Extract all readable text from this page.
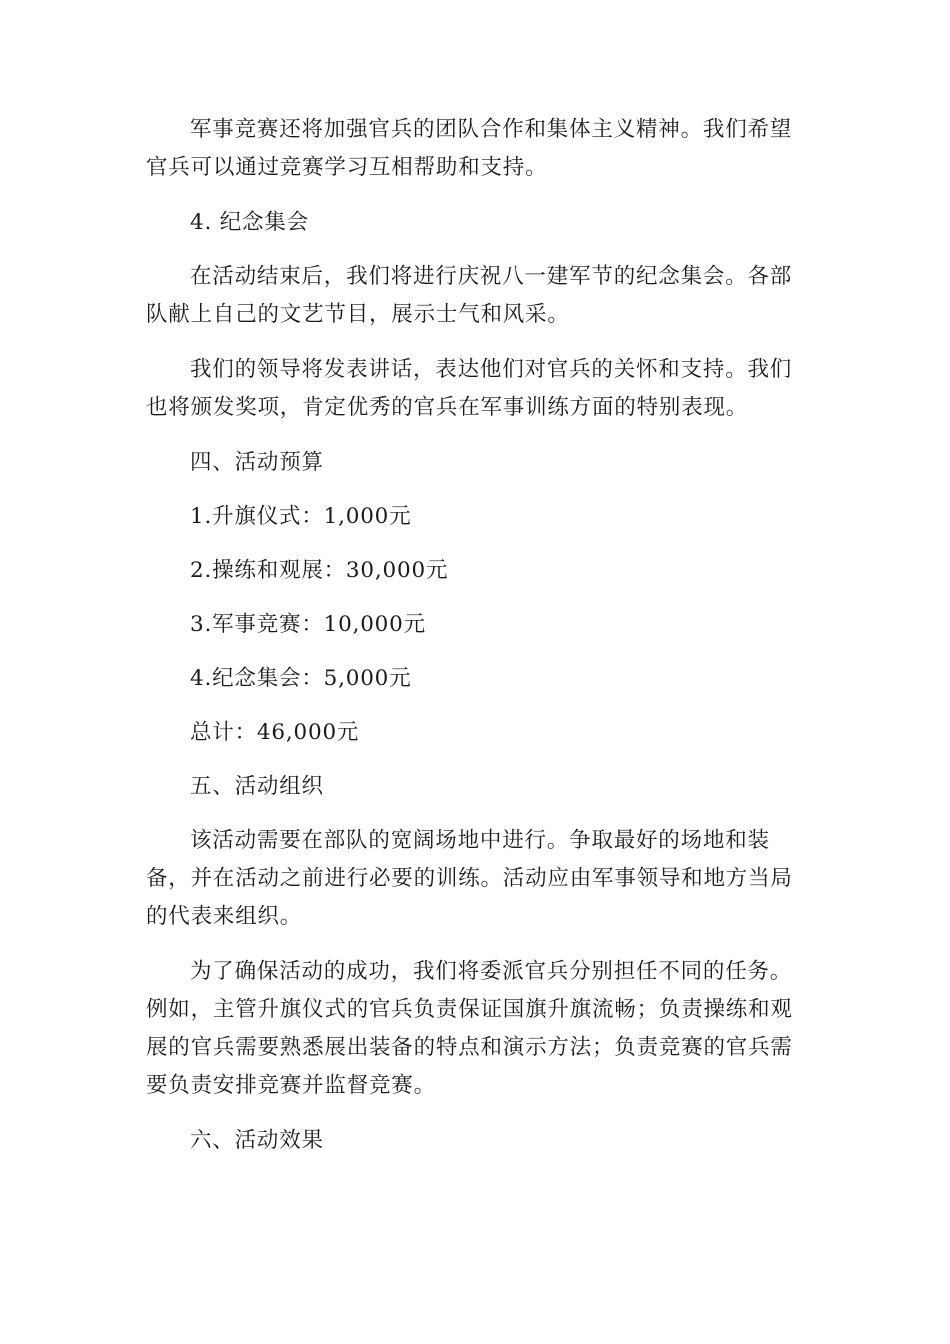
军事竞赛还将加强官兵的团队合作和集体主义精神。我们希望官兵可以通过竞赛学习互相帮助和支持。

4. 纪念集会

在活动结束后，我们将进行庆祝八一建军节的纪念集会。各部队献上自己的文艺节目，展示士气和风采。

我们的领导将发表讲话，表达他们对官兵的关怀和支持。我们也将颁发奖项，肯定优秀的官兵在军事训练方面的特别表现。

四、活动预算

1.升旗仪式：1,000元

2.操练和观展：30,000元

3.军事竞赛：10,000元

4.纪念集会：5,000元

总计：46,000元

五、活动组织

该活动需要在部队的宽阔场地中进行。争取最好的场地和装备，并在活动之前进行必要的训练。活动应由军事领导和地方当局的代表来组织。

为了确保活动的成功，我们将委派官兵分别担任不同的任务。例如，主管升旗仪式的官兵负责保证国旗升旗流畅；负责操练和观展的官兵需要熟悉展出装备的特点和演示方法；负责竞赛的官兵需要负责安排竞赛并监督竞赛。

六、活动效果
